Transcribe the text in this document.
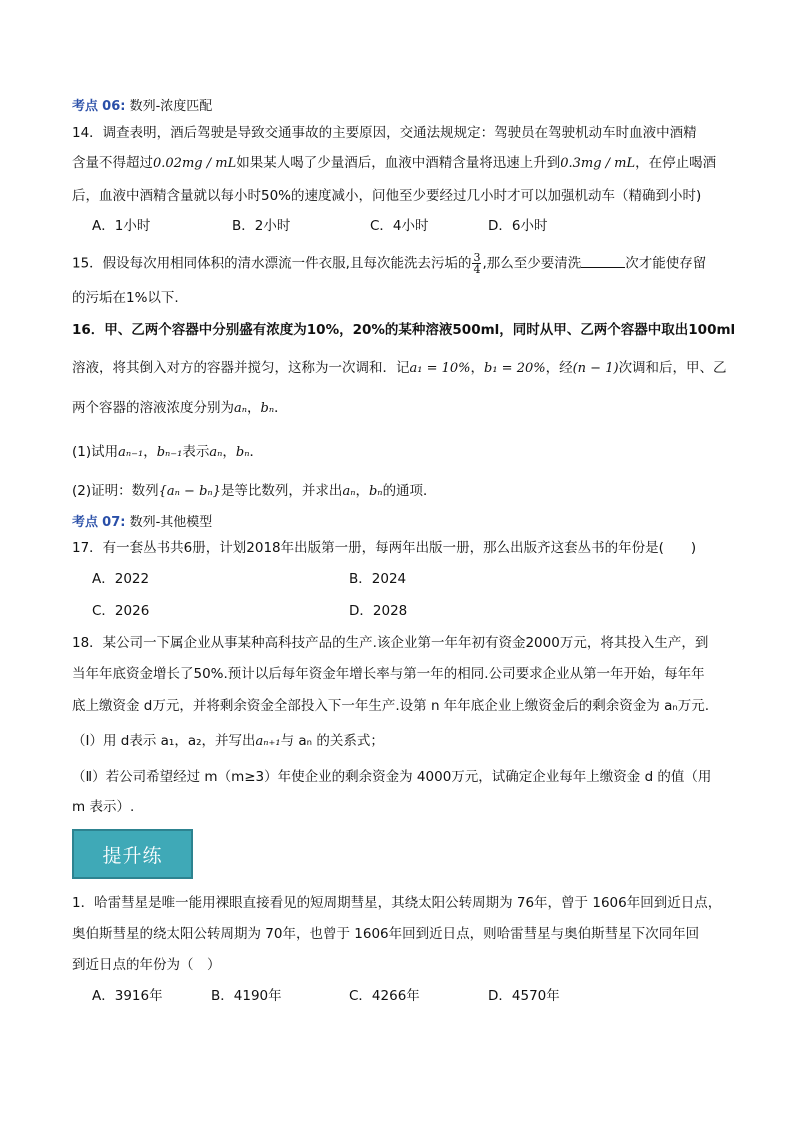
考点 06: 数列-浓度匹配
14．调查表明，酒后驾驶是导致交通事故的主要原因，交通法规规定：驾驶员在驾驶机动车时血液中酒精
含量不得超过0.02mg / mL如果某人喝了少量酒后，血液中酒精含量将迅速上升到0.3mg / mL，在停止喝酒
后，血液中酒精含量就以每小时50%的速度减小，问他至少要经过几小时才可以加强机动车（精确到小时)
A．1小时	B．2小时	C．4小时	D．6小时
15．假设每次用相同体积的清水漂流一件衣服,且每次能洗去污垢的 $\frac{3}{4}$ ,那么至少要清洗	次才能使存留
的污垢在1%以下.
16．甲、乙两个容器中分别盛有浓度为10%，20%的某种溶液500ml，同时从甲、乙两个容器中取出100ml
溶液，将其倒入对方的容器并搅匀，这称为一次调和．记a₁ = 10%，b₁ = 20%，经(n − 1)次调和后，甲、乙
两个容器的溶液浓度分别为aₙ，bₙ．
(1)试用aₙ₋₁，bₙ₋₁表示aₙ，bₙ．
(2)证明：数列{aₙ − bₙ}是等比数列，并求出aₙ，bₙ的通项．
考点 07: 数列-其他模型
17．有一套丛书共6册，计划2018年出版第一册，每两年出版一册，那么出版齐这套丛书的年份是(　　)
A．2022	B．2024
C．2026	D．2028
18．某公司一下属企业从事某种高科技产品的生产.该企业第一年年初有资金2000万元，将其投入生产，到
当年年底资金增长了50%.预计以后每年资金年增长率与第一年的相同.公司要求企业从第一年开始，每年年
底上缴资金 d万元，并将剩余资金全部投入下一年生产.设第 n 年年底企业上缴资金后的剩余资金为 aₙ万元.
（Ⅰ）用 d表示 a₁，a₂，并写出aₙ₊₁与 aₙ 的关系式；
（Ⅱ）若公司希望经过 m（m≥3）年使企业的剩余资金为 4000万元，试确定企业每年上缴资金 d 的值（用
m 表示）.
提升练
1．哈雷彗星是唯一能用裸眼直接看见的短周期彗星，其绕太阳公转周期为 76年，曾于 1606年回到近日点，
奥伯斯彗星的绕太阳公转周期为 70年，也曾于 1606年回到近日点，则哈雷彗星与奥伯斯彗星下次同年回
到近日点的年份为（　）
A．3916年	B．4190年	C．4266年	D．4570年
